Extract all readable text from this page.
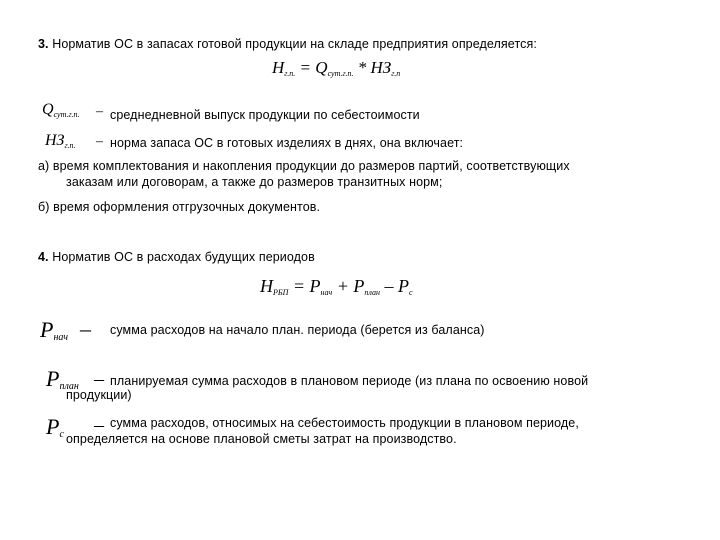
3. Норматив ОС в запасах готовой продукции на складе предприятия определяется:
$Н_{г.п.} = Q_{сут.г.п.} * НЗ_{г.п}$
$Q_{сут.г.п.}$ – среднедневной выпуск продукции по себестоимости
$НЗ_{г.п.}$ – норма запаса ОС в готовых изделиях в днях, она включает:
а) время комплектования и накопления продукции до размеров партий, соответствующих
заказам или договорам, а также до размеров транзитных норм;
б) время оформления отгрузочных документов.
4. Норматив ОС в расходах будущих периодов
$Н_{РБП} = Р_{нач} + Р_{план} - Р_с$
$Р_{нач}$ – сумма расходов на начало план. периода (берется из баланса)
$Р_{план}$ – планируемая сумма расходов в плановом периоде (из плана по освоению новой
продукции)
$Р_с$ – сумма расходов, относимых на себестоимость продукции в плановом периоде,
определяется на основе плановой сметы затрат на производство.
